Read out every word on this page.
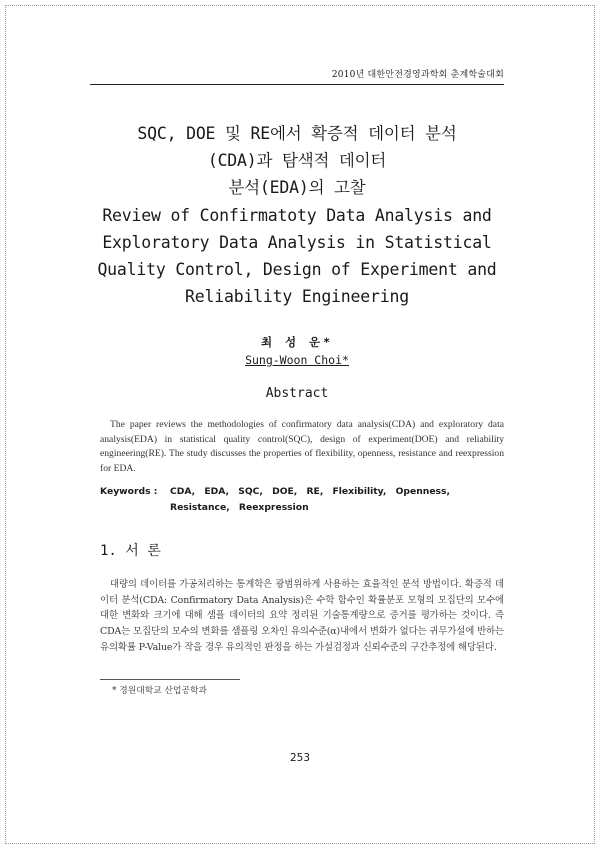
2010년 대한안전경영과학회 춘계학술대회
SQC, DOE 및 RE에서 확증적 데이터 분석
(CDA)과 탐색적 데이터
분석(EDA)의 고찰
Review of Confirmatoty Data Analysis and
Exploratory Data Analysis in Statistical
Quality Control, Design of Experiment and
Reliability Engineering
최 성 운*
Sung-Woon Choi*
Abstract
The paper reviews the methodologies of confirmatory data analysis(CDA) and exploratory data analysis(EDA) in statistical quality control(SQC), design of experiment(DOE) and reliability engineering(RE). The study discusses the properties of flexibility, openness, resistance and reexpression for EDA.
Keywords :	CDA, EDA, SQC, DOE, RE, Flexibility, Openness, Resistance, Reexpression
1. 서 론
대량의 데이터를 가공처리하는 통계학은 광범위하게 사용하는 효율적인 분석 방법이다. 확증적 데이터 분석(CDA: Confirmatory Data Analysis)은 수학 함수인 확률분포 모형의 모집단의 모수에 대한 변화와 크기에 대해 샘플 데이터의 요약 정리된 기술통계량으로 증거를 평가하는 것이다. 즉 CDA는 모집단의 모수의 변화를 샘플링 오차인 유의수준(α)내에서 변화가 없다는 귀무가설에 반하는 유의확률 P-Value가 작을 경우 유의적인 판정을 하는 가설검정과 신뢰수준의 구간추정에 해당된다.
* 경원대학교 산업공학과
253
